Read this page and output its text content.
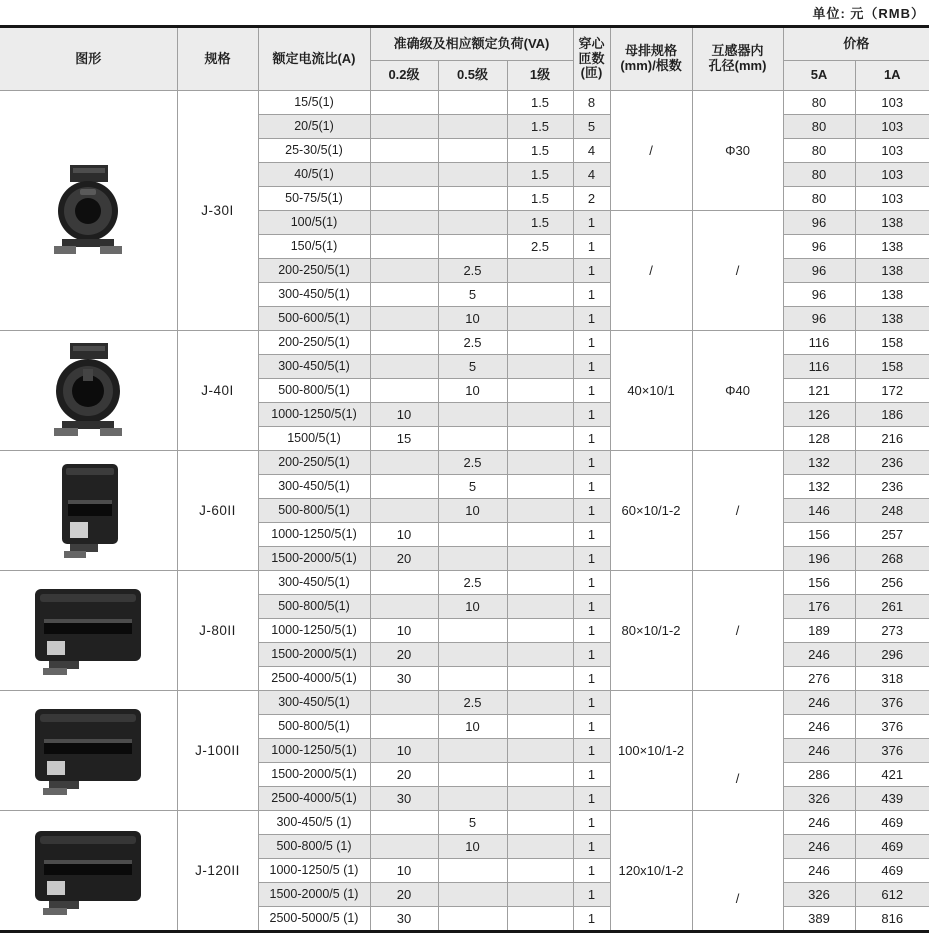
单位: 元（RMB）
图形	规格	额定电流比(A)	准确级及相应额定负荷(VA)			穿心
匝数
(匝)	母排规格
(mm)/根数	互感器内
孔径(mm)	价格	
			0.2级	0.5级	1级				5A	1A

	J-30I	15/5(1)			1.5	8	/	Φ30	80	103
		20/5(1)			1.5	5			80	103
		25-30/5(1)			1.5	4			80	103
		40/5(1)			1.5	4			80	103
		50-75/5(1)			1.5	2			80	103
		100/5(1)			1.5	1	/	/	96	138
		150/5(1)			2.5	1			96	138
		200-250/5(1)		2.5		1			96	138
		300-450/5(1)		5		1			96	138
		500-600/5(1)		10		1			96	138

	J-40I	200-250/5(1)		2.5		1	40×10/1	Φ40	116	158
		300-450/5(1)		5		1			116	158
		500-800/5(1)		10		1			121	172
		1000-1250/5(1)	10			1			126	186
		1500/5(1)	15			1			128	216

	J-60II	200-250/5(1)		2.5		1	60×10/1-2	/	132	236
		300-450/5(1)		5		1			132	236
		500-800/5(1)		10		1			146	248
		1000-1250/5(1)	10			1			156	257
		1500-2000/5(1)	20			1			196	268

	J-80II	300-450/5(1)		2.5		1	80×10/1-2	/	156	256
		500-800/5(1)		10		1			176	261
		1000-1250/5(1)	10			1			189	273
		1500-2000/5(1)	20			1			246	296
		2500-4000/5(1)	30			1			276	318

	J-100II	300-450/5(1)		2.5		1	100×10/1-2	/	246	376
		500-800/5(1)		10		1			246	376
		1000-1250/5(1)	10			1			246	376
		1500-2000/5(1)	20			1			286	421
		2500-4000/5(1)	30			1			326	439

	J-120II	300-450/5 (1)		5		1	120x10/1-2	/	246	469
		500-800/5 (1)		10		1			246	469
		1000-1250/5 (1)	10			1			246	469
		1500-2000/5 (1)	20			1			326	612
		2500-5000/5 (1)	30			1			389	816
